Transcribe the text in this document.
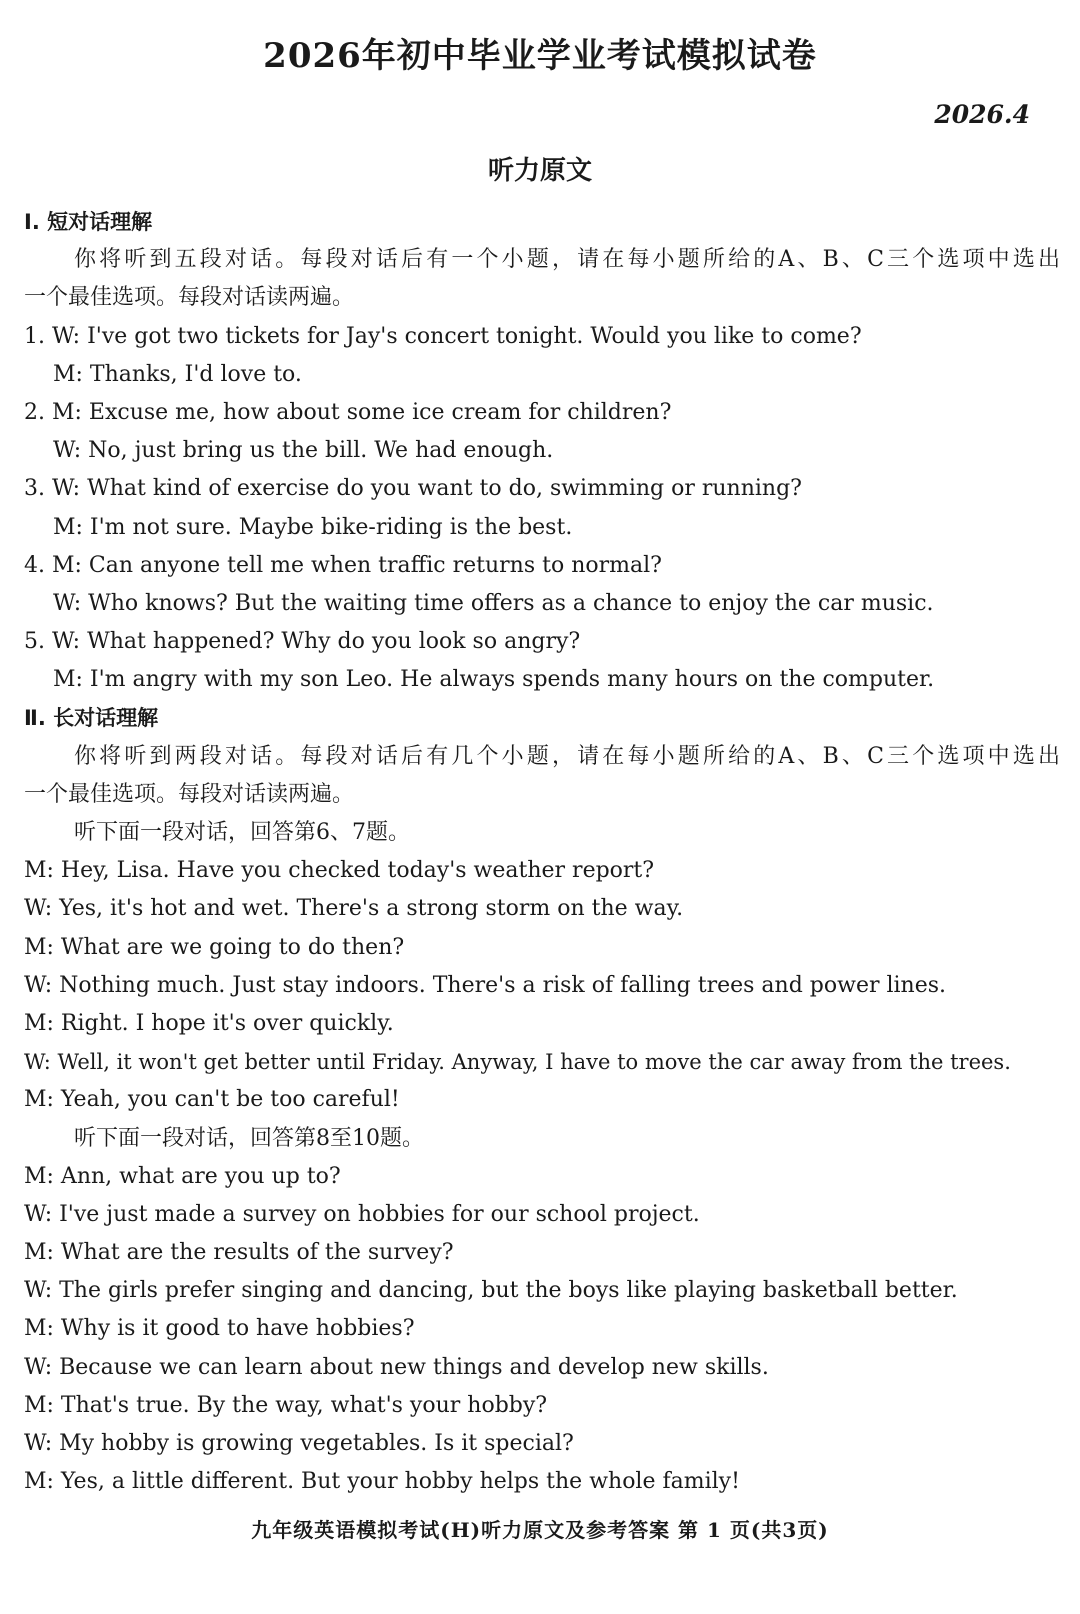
2026年初中毕业学业考试模拟试卷
2026.4
听力原文
Ⅰ. 短对话理解
你将听到五段对话。每段对话后有一个小题，请在每小题所给的A、B、C三个选项中选出
一个最佳选项。每段对话读两遍。
1. W: I've got two tickets for Jay's concert tonight. Would you like to come?
M: Thanks, I'd love to.
2. M: Excuse me, how about some ice cream for children?
W: No, just bring us the bill. We had enough.
3. W: What kind of exercise do you want to do, swimming or running?
M: I'm not sure. Maybe bike-riding is the best.
4. M: Can anyone tell me when traffic returns to normal?
W: Who knows? But the waiting time offers as a chance to enjoy the car music.
5. W: What happened? Why do you look so angry?
M: I'm angry with my son Leo. He always spends many hours on the computer.
Ⅱ. 长对话理解
你将听到两段对话。每段对话后有几个小题，请在每小题所给的A、B、C三个选项中选出
一个最佳选项。每段对话读两遍。
听下面一段对话，回答第6、7题。
M: Hey, Lisa. Have you checked today's weather report?
W: Yes, it's hot and wet. There's a strong storm on the way.
M: What are we going to do then?
W: Nothing much. Just stay indoors. There's a risk of falling trees and power lines.
M: Right. I hope it's over quickly.
W: Well, it won't get better until Friday. Anyway, I have to move the car away from the trees.
M: Yeah, you can't be too careful!
听下面一段对话，回答第8至10题。
M: Ann, what are you up to?
W: I've just made a survey on hobbies for our school project.
M: What are the results of the survey?
W: The girls prefer singing and dancing, but the boys like playing basketball better.
M: Why is it good to have hobbies?
W: Because we can learn about new things and develop new skills.
M: That's true. By the way, what's your hobby?
W: My hobby is growing vegetables. Is it special?
M: Yes, a little different. But your hobby helps the whole family!
九年级英语模拟考试(H)听力原文及参考答案 第 1 页(共3页)
